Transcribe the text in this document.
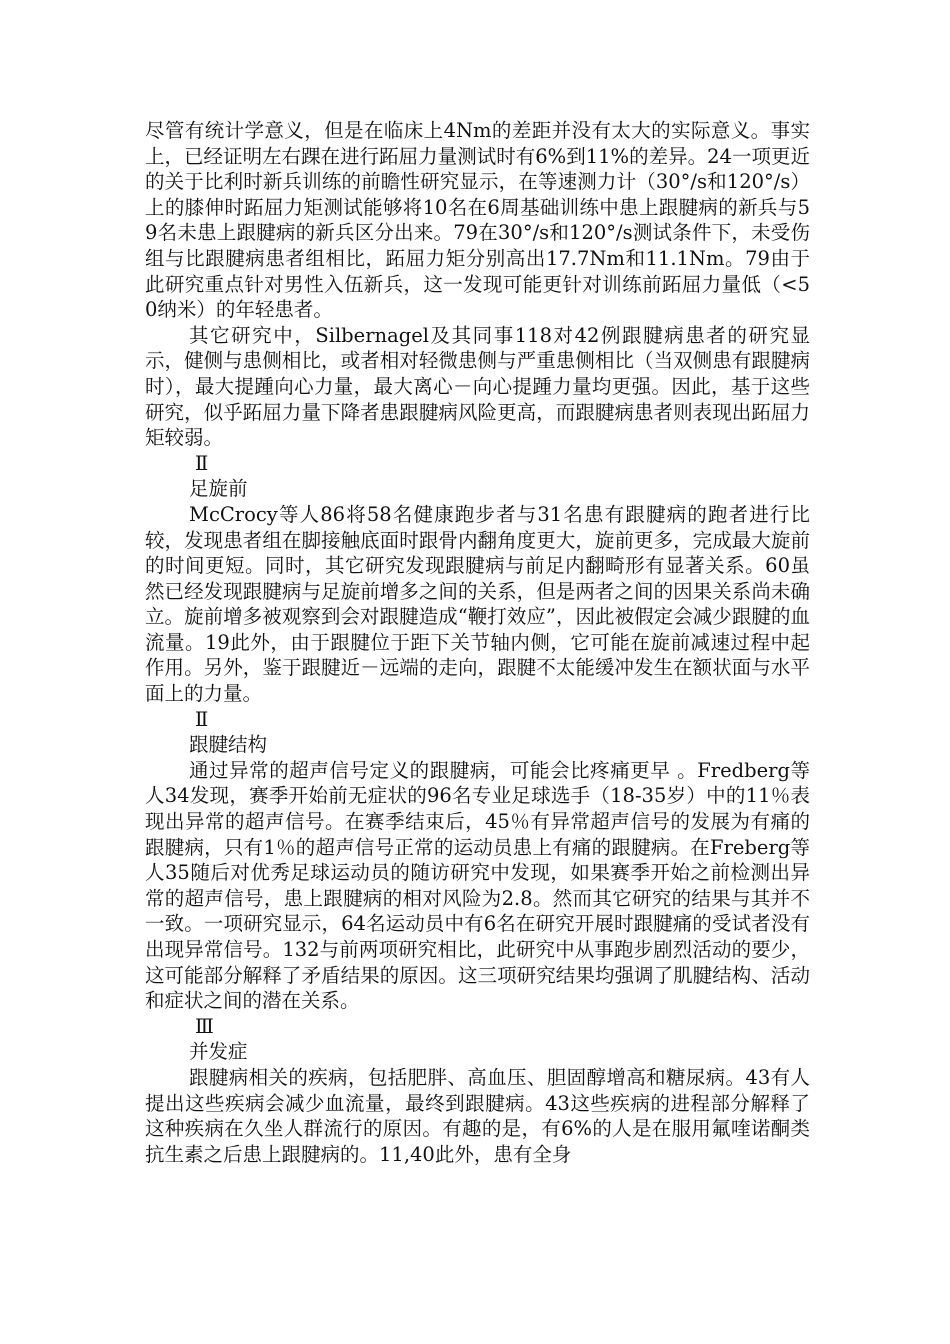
尽管有统计学意义，但是在临床上4Nm的差距并没有太大的实际意义。事实上，已经证明左右踝在进行跖屈力量测试时有6%到11%的差异。24一项更近的关于比利时新兵训练的前瞻性研究显示，在等速测力计（30°/s和120°/s）上的膝伸时跖屈力矩测试能够将10名在6周基础训练中患上跟腱病的新兵与59名未患上跟腱病的新兵区分出来。79在30°/s和120°/s测试条件下，未受伤组与比跟腱病患者组相比，跖屈力矩分别高出17.7Nm和11.1Nm。79由于此研究重点针对男性入伍新兵，这一发现可能更针对训练前跖屈力量低（<50纳米）的年轻患者。

其它研究中，Silbernagel及其同事118对42例跟腱病患者的研究显示，健侧与患侧相比，或者相对轻微患侧与严重患侧相比（当双侧患有跟腱病时），最大提踵向心力量，最大离心－向心提踵力量均更强。因此，基于这些研究，似乎跖屈力量下降者患跟腱病风险更高，而跟腱病患者则表现出跖屈力矩较弱。

Ⅱ

足旋前

McCrocy等人86将58名健康跑步者与31名患有跟腱病的跑者进行比较，发现患者组在脚接触底面时跟骨内翻角度更大，旋前更多，完成最大旋前的时间更短。同时，其它研究发现跟腱病与前足内翻畸形有显著关系。60虽然已经发现跟腱病与足旋前增多之间的关系，但是两者之间的因果关系尚未确立。旋前增多被观察到会对跟腱造成“鞭打效应”，因此被假定会减少跟腱的血流量。19此外，由于跟腱位于距下关节轴内侧，它可能在旋前减速过程中起作用。另外，鉴于跟腱近－远端的走向，跟腱不太能缓冲发生在额状面与水平面上的力量。

Ⅱ

跟腱结构

通过异常的超声信号定义的跟腱病，可能会比疼痛更早 。Fredberg等人34发现，赛季开始前无症状的96名专业足球选手（18-35岁）中的11％表现出异常的超声信号。在赛季结束后，45％有异常超声信号的发展为有痛的跟腱病，只有1％的超声信号正常的运动员患上有痛的跟腱病。在Freberg等人35随后对优秀足球运动员的随访研究中发现，如果赛季开始之前检测出异常的超声信号，患上跟腱病的相对风险为2.8。然而其它研究的结果与其并不一致。一项研究显示，64名运动员中有6名在研究开展时跟腱痛的受试者没有出现异常信号。132与前两项研究相比，此研究中从事跑步剧烈活动的要少，这可能部分解释了矛盾结果的原因。这三项研究结果均强调了肌腱结构、活动和症状之间的潜在关系。

Ⅲ

并发症

跟腱病相关的疾病，包括肥胖、高血压、胆固醇增高和糖尿病。43有人提出这些疾病会减少血流量，最终到跟腱病。43这些疾病的进程部分解释了这种疾病在久坐人群流行的原因。有趣的是，有6%的人是在服用氟喹诺酮类抗生素之后患上跟腱病的。11,40此外，患有全身
